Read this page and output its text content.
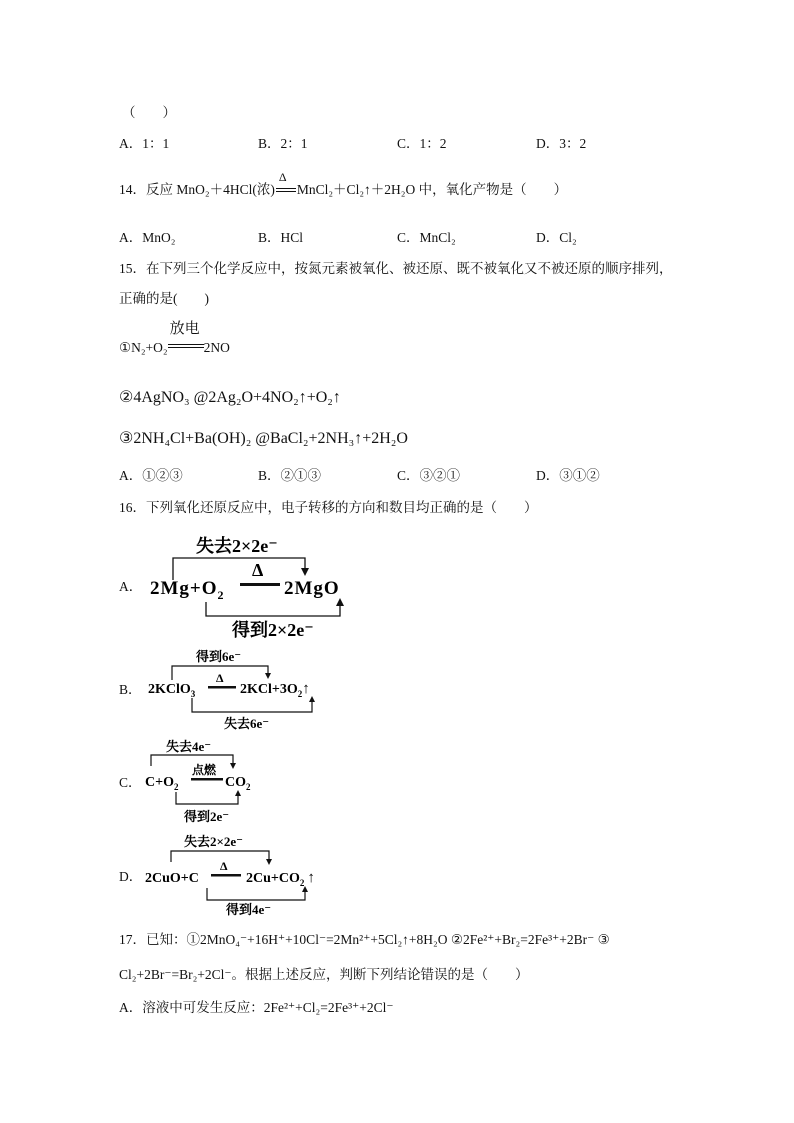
（　　）
A．1：1	B．2：1	C．1：2	D．3：2
14．反应 MnO₂＋4HCl(浓)
Δ
MnCl₂＋Cl₂↑＋2H₂O 中，氧化产物是（　　）
A．MnO₂	B．HCl	C．MnCl₂	D．Cl₂
15．在下列三个化学反应中，按氮元素被氧化、被还原、既不被氧化又不被还原的顺序排列，
正确的是(　　)
①N₂+O₂
放电
2NO
②4AgNO₃ @2Ag₂O+4NO₂↑+O₂↑
③2NH₄Cl+Ba(OH)₂ @BaCl₂+2NH₃↑+2H₂O
A．①②③	B．②①③	C．③②①	D．③①②
16．下列氧化还原反应中，电子转移的方向和数目均正确的是（　　）
A．
失去2×2e⁻
$2Mg+O_2$
Δ
2MgO
得到2×2e⁻
B．
得到6e⁻
2KClO$_3$
Δ
$2KCl+3O_2↑$
失去6e⁻
C．
失去4e⁻
$C+O_2$
点燃
$CO_2$
得到2e⁻
D．
失去2×2e⁻
2CuO+C
Δ
$2Cu+CO_2$ ↑
得到4e⁻
17．已知：①2MnO₄⁻+16H⁺+10Cl⁻=2Mn²⁺+5Cl₂↑+8H₂O ②2Fe²⁺+Br₂=2Fe³⁺+2Br⁻ ③
Cl₂+2Br⁻=Br₂+2Cl⁻。根据上述反应，判断下列结论错误的是（　　）
A．溶液中可发生反应：2Fe²⁺+Cl₂=2Fe³⁺+2Cl⁻
